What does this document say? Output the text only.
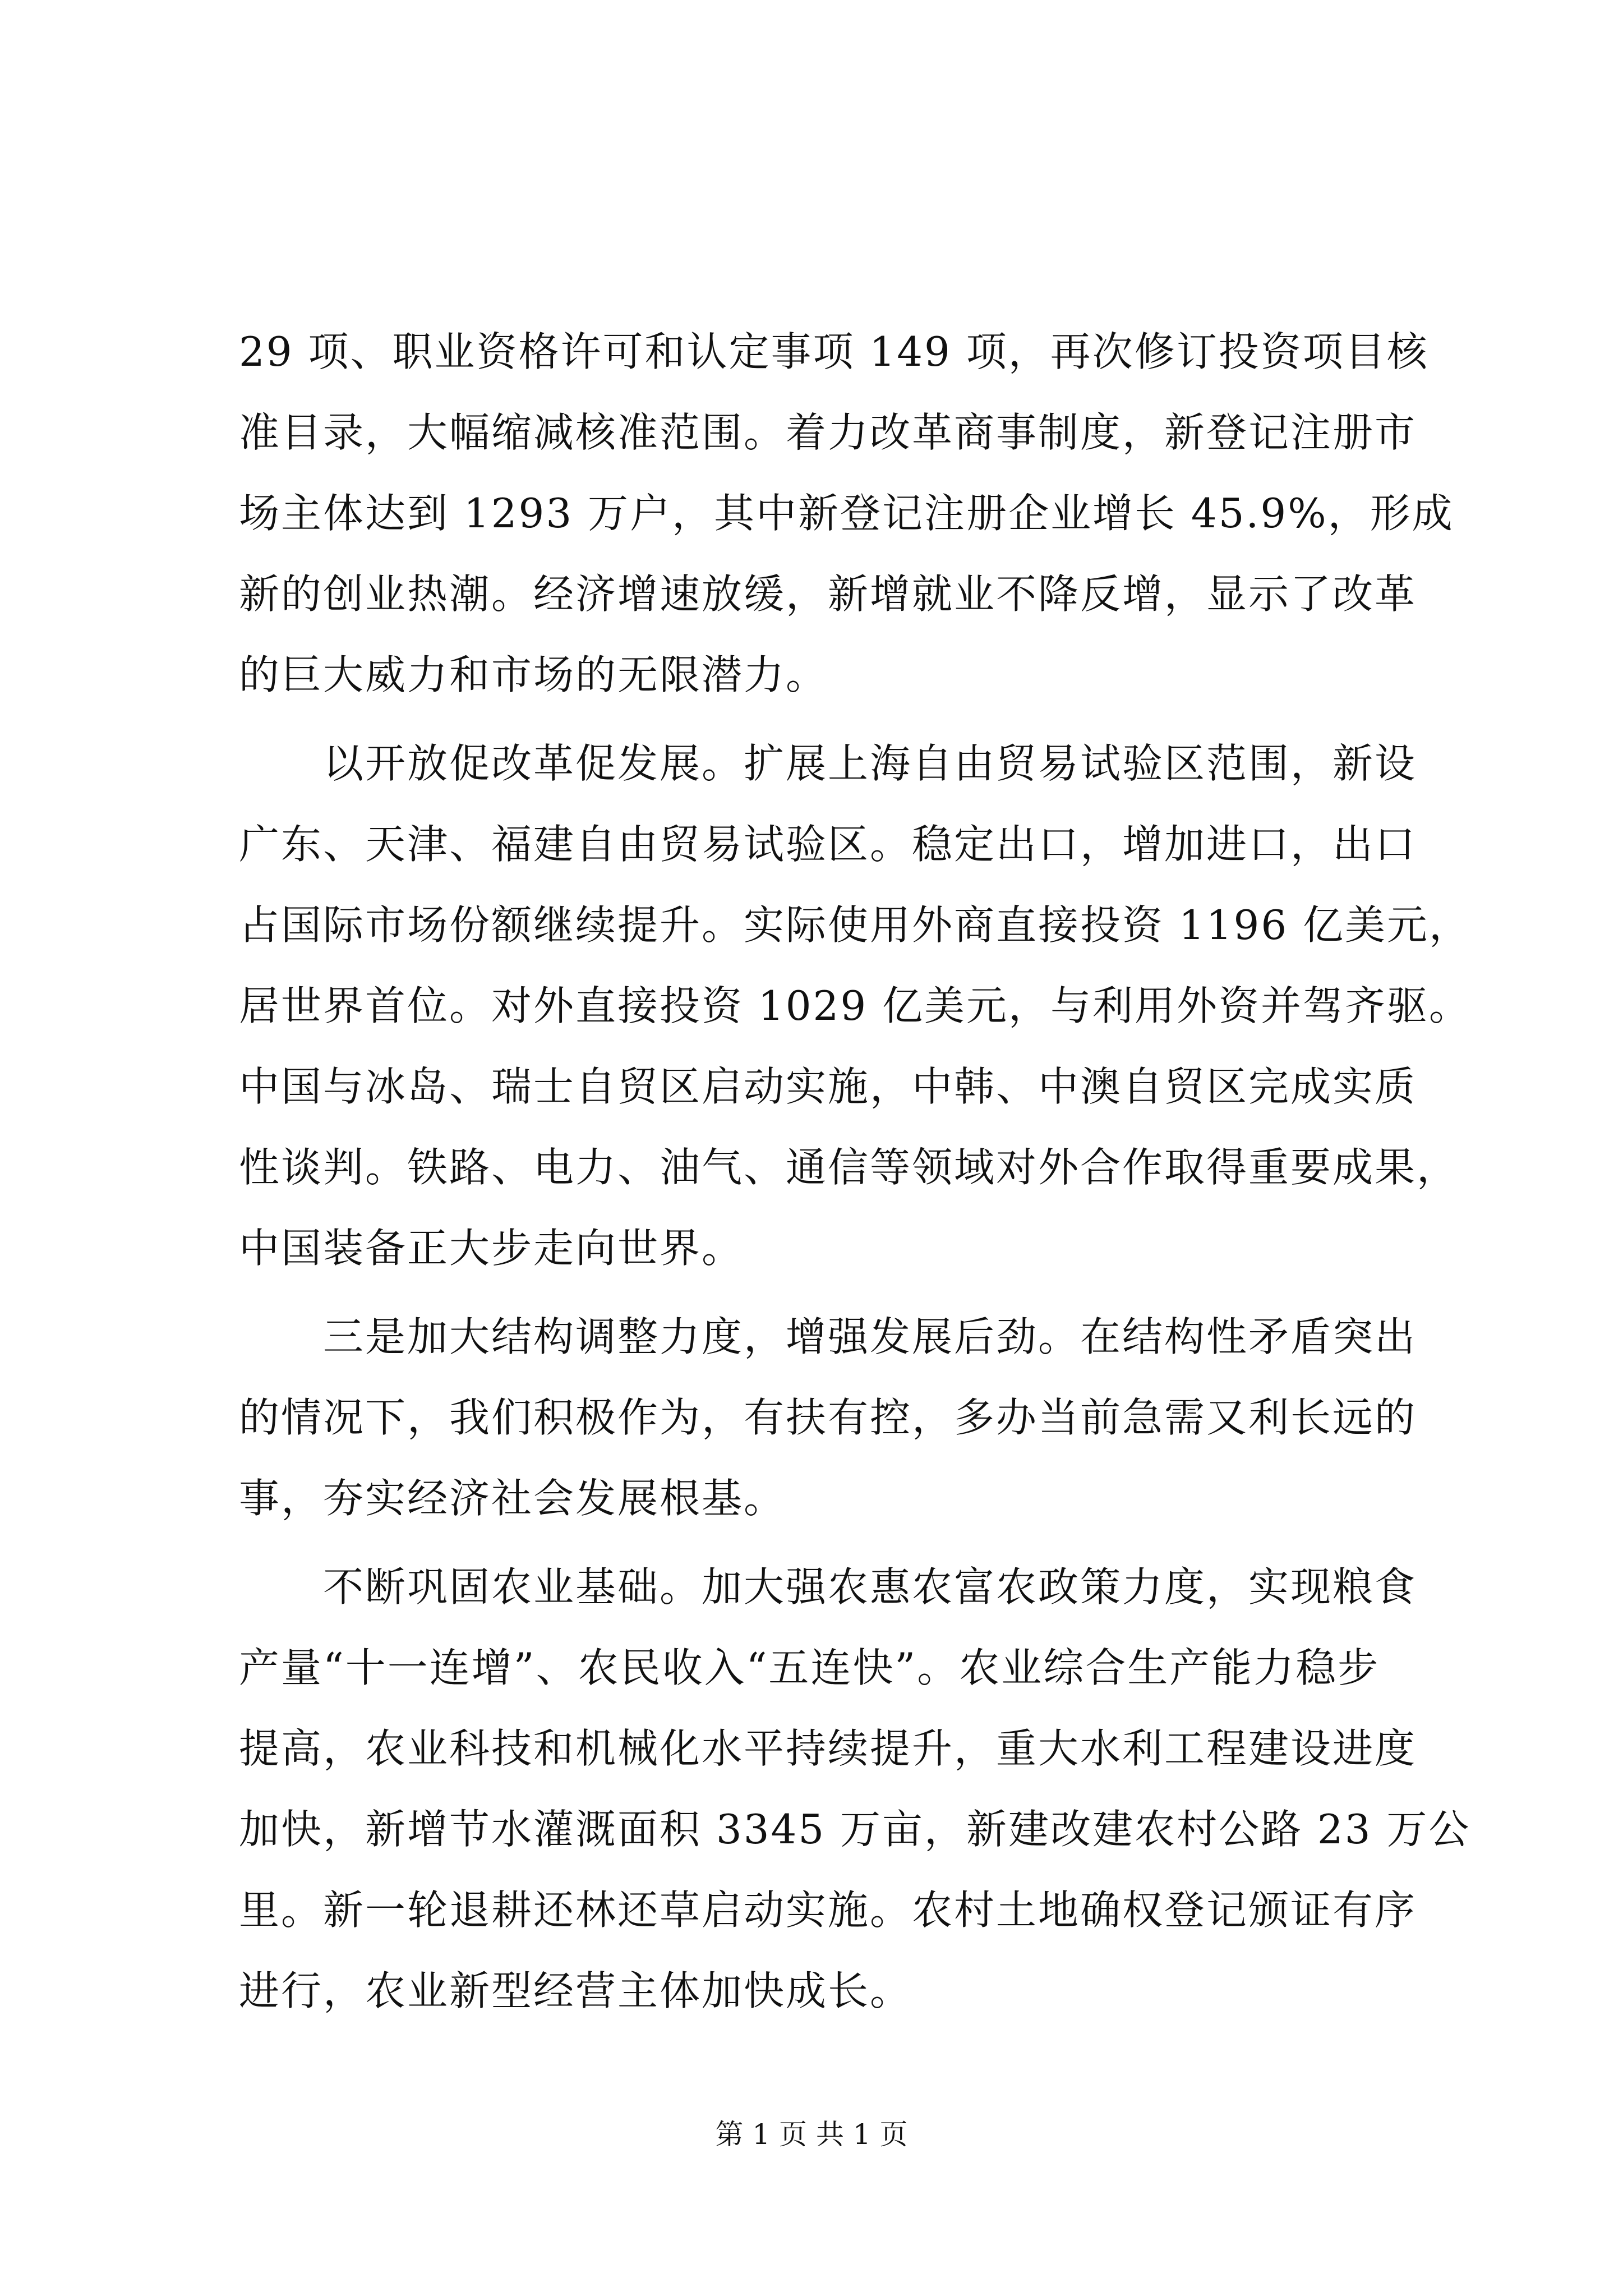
29 项、职业资格许可和认定事项 149 项，再次修订投资项目核
准目录，大幅缩减核准范围。着力改革商事制度，新登记注册市
场主体达到 1293 万户，其中新登记注册企业增长 45.9%，形成
新的创业热潮。经济增速放缓，新增就业不降反增，显示了改革
的巨大威力和市场的无限潜力。
　　以开放促改革促发展。扩展上海自由贸易试验区范围，新设
广东、天津、福建自由贸易试验区。稳定出口，增加进口，出口
占国际市场份额继续提升。实际使用外商直接投资 1196 亿美元，
居世界首位。对外直接投资 1029 亿美元，与利用外资并驾齐驱。
中国与冰岛、瑞士自贸区启动实施，中韩、中澳自贸区完成实质
性谈判。铁路、电力、油气、通信等领域对外合作取得重要成果，
中国装备正大步走向世界。
　　三是加大结构调整力度，增强发展后劲。在结构性矛盾突出
的情况下，我们积极作为，有扶有控，多办当前急需又利长远的
事，夯实经济社会发展根基。
　　不断巩固农业基础。加大强农惠农富农政策力度，实现粮食
产量“十一连增”、农民收入“五连快”。农业综合生产能力稳步
提高，农业科技和机械化水平持续提升，重大水利工程建设进度
加快，新增节水灌溉面积 3345 万亩，新建改建农村公路 23 万公
里。新一轮退耕还林还草启动实施。农村土地确权登记颁证有序
进行，农业新型经营主体加快成长。
第 1 页 共 1 页
